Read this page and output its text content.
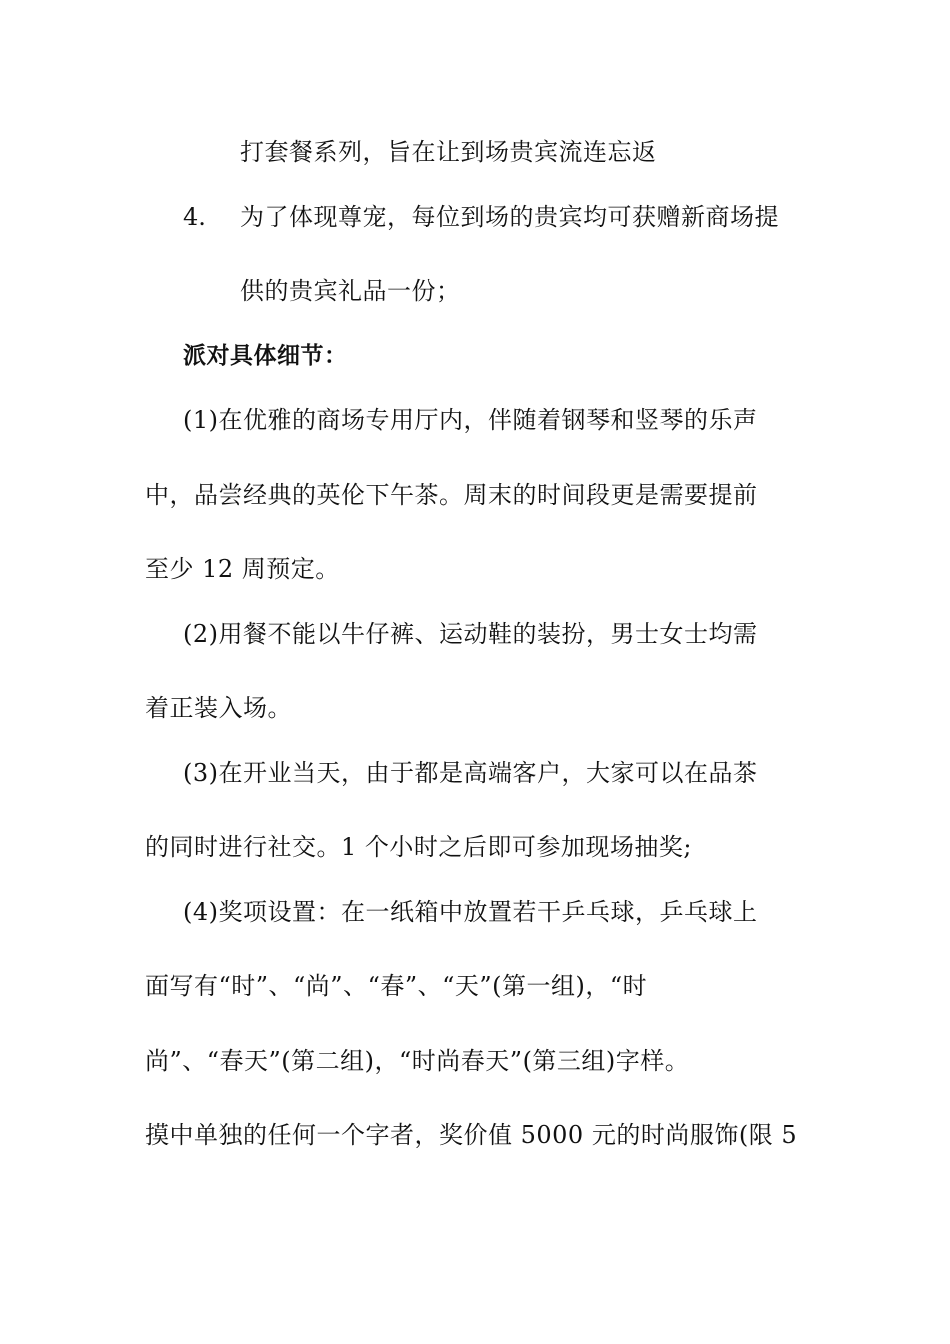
打套餐系列，旨在让到场贵宾流连忘返
4. 为了体现尊宠，每位到场的贵宾均可获赠新商场提
供的贵宾礼品一份；
派对具体细节：
(1)在优雅的商场专用厅内，伴随着钢琴和竖琴的乐声
中，品尝经典的英伦下午茶。周末的时间段更是需要提前
至少 12 周预定。
(2)用餐不能以牛仔裤、运动鞋的装扮，男士女士均需
着正装入场。
(3)在开业当天，由于都是高端客户，大家可以在品茶
的同时进行社交。1 个小时之后即可参加现场抽奖;
(4)奖项设置：在一纸箱中放置若干乒乓球，乒乓球上
面写有“时”、“尚”、“春”、“天”(第一组)，“时
尚”、“春天”(第二组)，“时尚春天”(第三组)字样。
摸中单独的任何一个字者，奖价值 5000 元的时尚服饰(限 5
